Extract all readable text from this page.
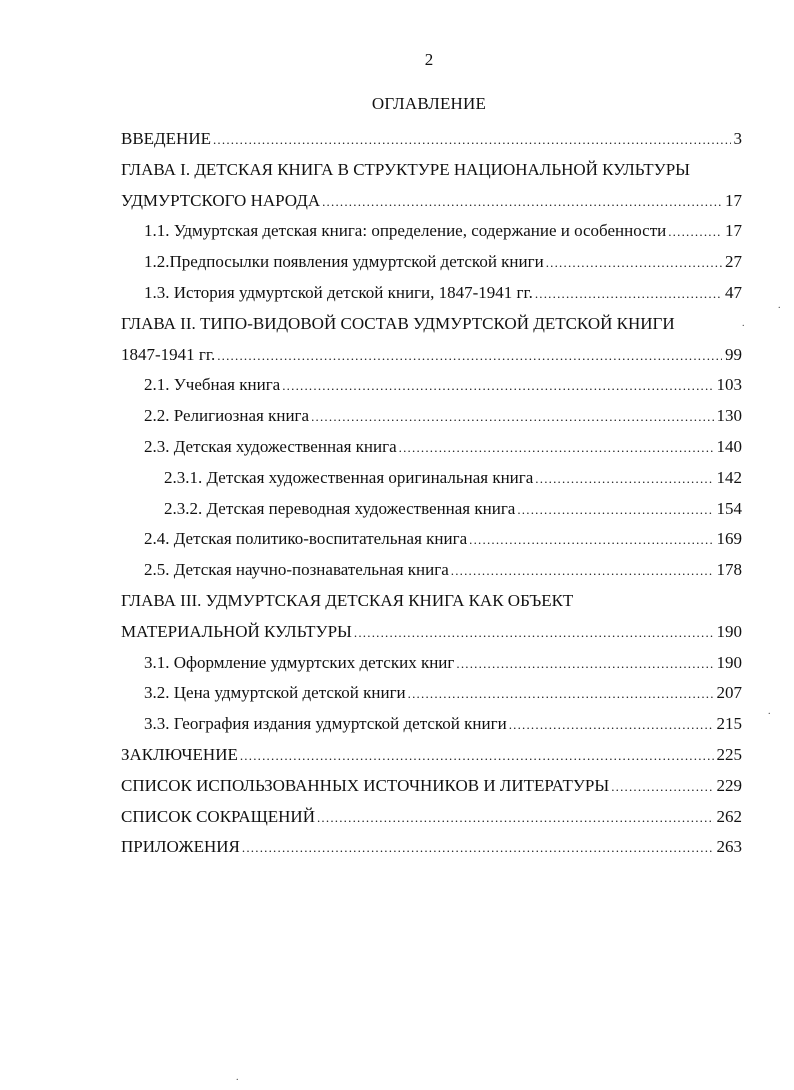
2
ОГЛАВЛЕНИЕ
ВВЕДЕНИЕ .....	3
ГЛАВА I. ДЕТСКАЯ КНИГА В СТРУКТУРЕ НАЦИОНАЛЬНОЙ КУЛЬТУРЫ
УДМУРТСКОГО НАРОДА .....	17
1.1. Удмуртская детская книга: определение, содержание и особенности .....	17
1.2.Предпосылки появления удмуртской детской книги .....	27
1.3. История удмуртской детской книги, 1847-1941 гг. .....	47
ГЛАВА II. ТИПО-ВИДОВОЙ СОСТАВ УДМУРТСКОЙ ДЕТСКОЙ КНИГИ
1847-1941 гг. .....	99
2.1. Учебная книга .....	103
2.2. Религиозная книга .....	130
2.3. Детская художественная книга .....	140
2.3.1. Детская художественная оригинальная книга .....	142
2.3.2. Детская переводная художественная книга .....	154
2.4. Детская политико-воспитательная книга .....	169
2.5. Детская научно-познавательная книга .....	178
ГЛАВА III. УДМУРТСКАЯ ДЕТСКАЯ КНИГА КАК ОБЪЕКТ
МАТЕРИАЛЬНОЙ КУЛЬТУРЫ .....	190
3.1. Оформление удмуртских детских книг .....	190
3.2. Цена удмуртской детской книги .....	207
3.3. География издания удмуртской детской книги .....	215
ЗАКЛЮЧЕНИЕ .....	225
СПИСОК ИСПОЛЬЗОВАННЫХ ИСТОЧНИКОВ И ЛИТЕРАТУРЫ .....	229
СПИСОК СОКРАЩЕНИЙ .....	262
ПРИЛОЖЕНИЯ .....	263
.
.
.
.
